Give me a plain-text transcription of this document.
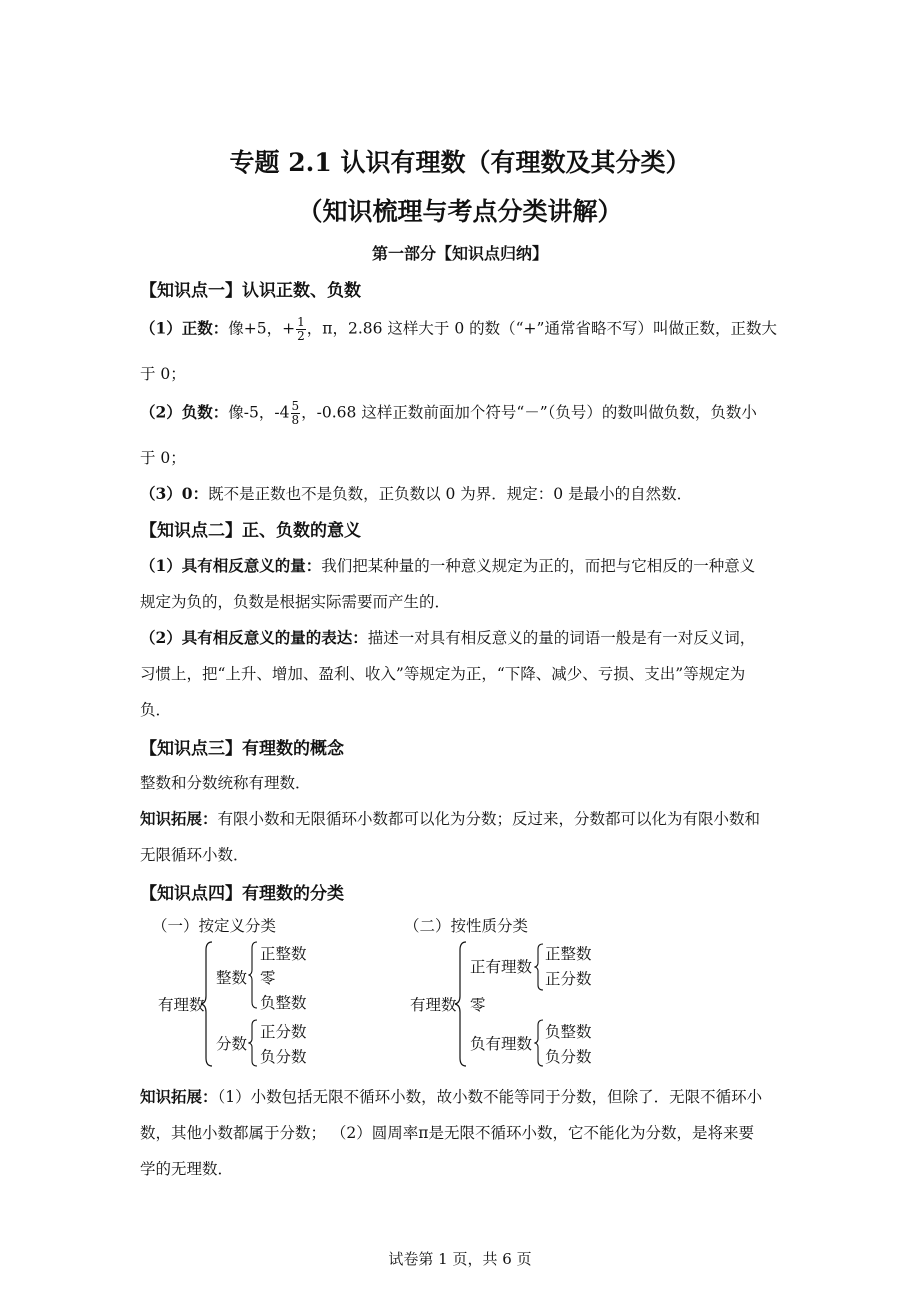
专题 2.1 认识有理数（有理数及其分类）
（知识梳理与考点分类讲解）
第一部分【知识点归纳】
【知识点一】认识正数、负数
（1）正数：像+5，+ $\frac{1}{2}$ ，π，2.86 这样大于 0 的数（“+”通常省略不写）叫做正数，正数大
于 0；
（2）负数：像-5，$-4 \frac{5}{8}$ ，-0.68 这样正数前面加个符号“－”（负号）的数叫做负数，负数小
于 0；
（3）0：既不是正数也不是负数，正负数以 0 为界．规定：0 是最小的自然数．
【知识点二】正、负数的意义
（1）具有相反意义的量：我们把某种量的一种意义规定为正的，而把与它相反的一种意义
规定为负的，负数是根据实际需要而产生的．
（2）具有相反意义的量的表达：描述一对具有相反意义的量的词语一般是有一对反义词，
习惯上，把“上升、增加、盈利、收入”等规定为正，“下降、减少、亏损、支出”等规定为
负．
【知识点三】有理数的概念
整数和分数统称有理数．
知识拓展：有限小数和无限循环小数都可以化为分数；反过来，分数都可以化为有限小数和
无限循环小数．
【知识点四】有理数的分类
（一）按定义分类
有理数
整数
正整数
零
负整数
分数
正分数
负分数
（二）按性质分类
有理数
正有理数
正整数
正分数
零
负有理数
负整数
负分数
知识拓展：（1）小数包括无限不循环小数，故小数不能等同于分数，但除了．无限不循环小
数，其他小数都属于分数； （2）圆周率π是无限不循环小数，它不能化为分数，是将来要
学的无理数．
试卷第 1 页，共 6 页
